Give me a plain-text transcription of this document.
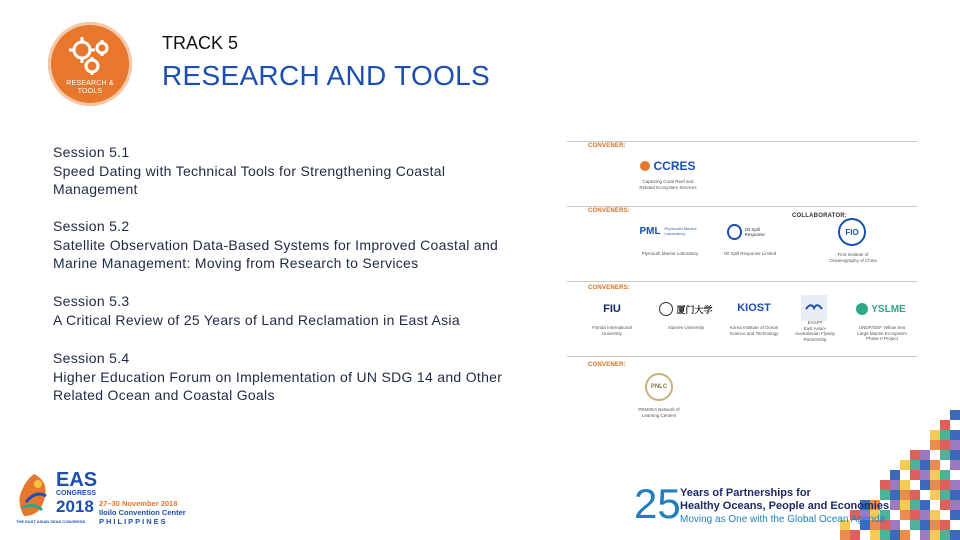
RESEARCH &
TOOLS
TRACK 5
RESEARCH AND TOOLS
Session 5.1
Speed Dating with Technical Tools for Strengthening Coastal
Management
Session 5.2
Satellite Observation Data-Based Systems for Improved Coastal and
Marine Management: Moving from Research to Services
Session 5.3
A Critical Review of 25 Years of Land Reclamation in East Asia
Session 5.4
Higher Education Forum on Implementation of UN SDG 14 and Other
Related Ocean and Coastal Goals
CONVENER:
CCRES
Capturing Coral Reef and
Related Ecosystem Services
CONVENERS:
COLLABORATOR:
PML Plymouth Marine Laboratory
Plymouth Marine Laboratory
Oil Spill Response
Oil Spill Response Limited
FIO
First Institute of
Oceanography of China
CONVENERS:
FIU
Florida International
University
厦门大学
Xiamen University
KIOST
Korea Institute of Ocean
Science and Technology
EAAFP
East Asian-
Australasian Flyway Partnership
YSLME
UNDP/GEF Yellow Sea
Large Marine Ecosystem Phase II Project
CONVENER:
PNLC
PEMSEA Network of
Learning Centers
EAS
CONGRESS
2018 27–30 November 2018
Iloilo Convention Center
PHILIPPINES
THE EAST ASIAN SEAS CONGRESS	25 Years of Partnerships for
Healthy Oceans, People and Economies
Moving as One with the Global Ocean Agenda
